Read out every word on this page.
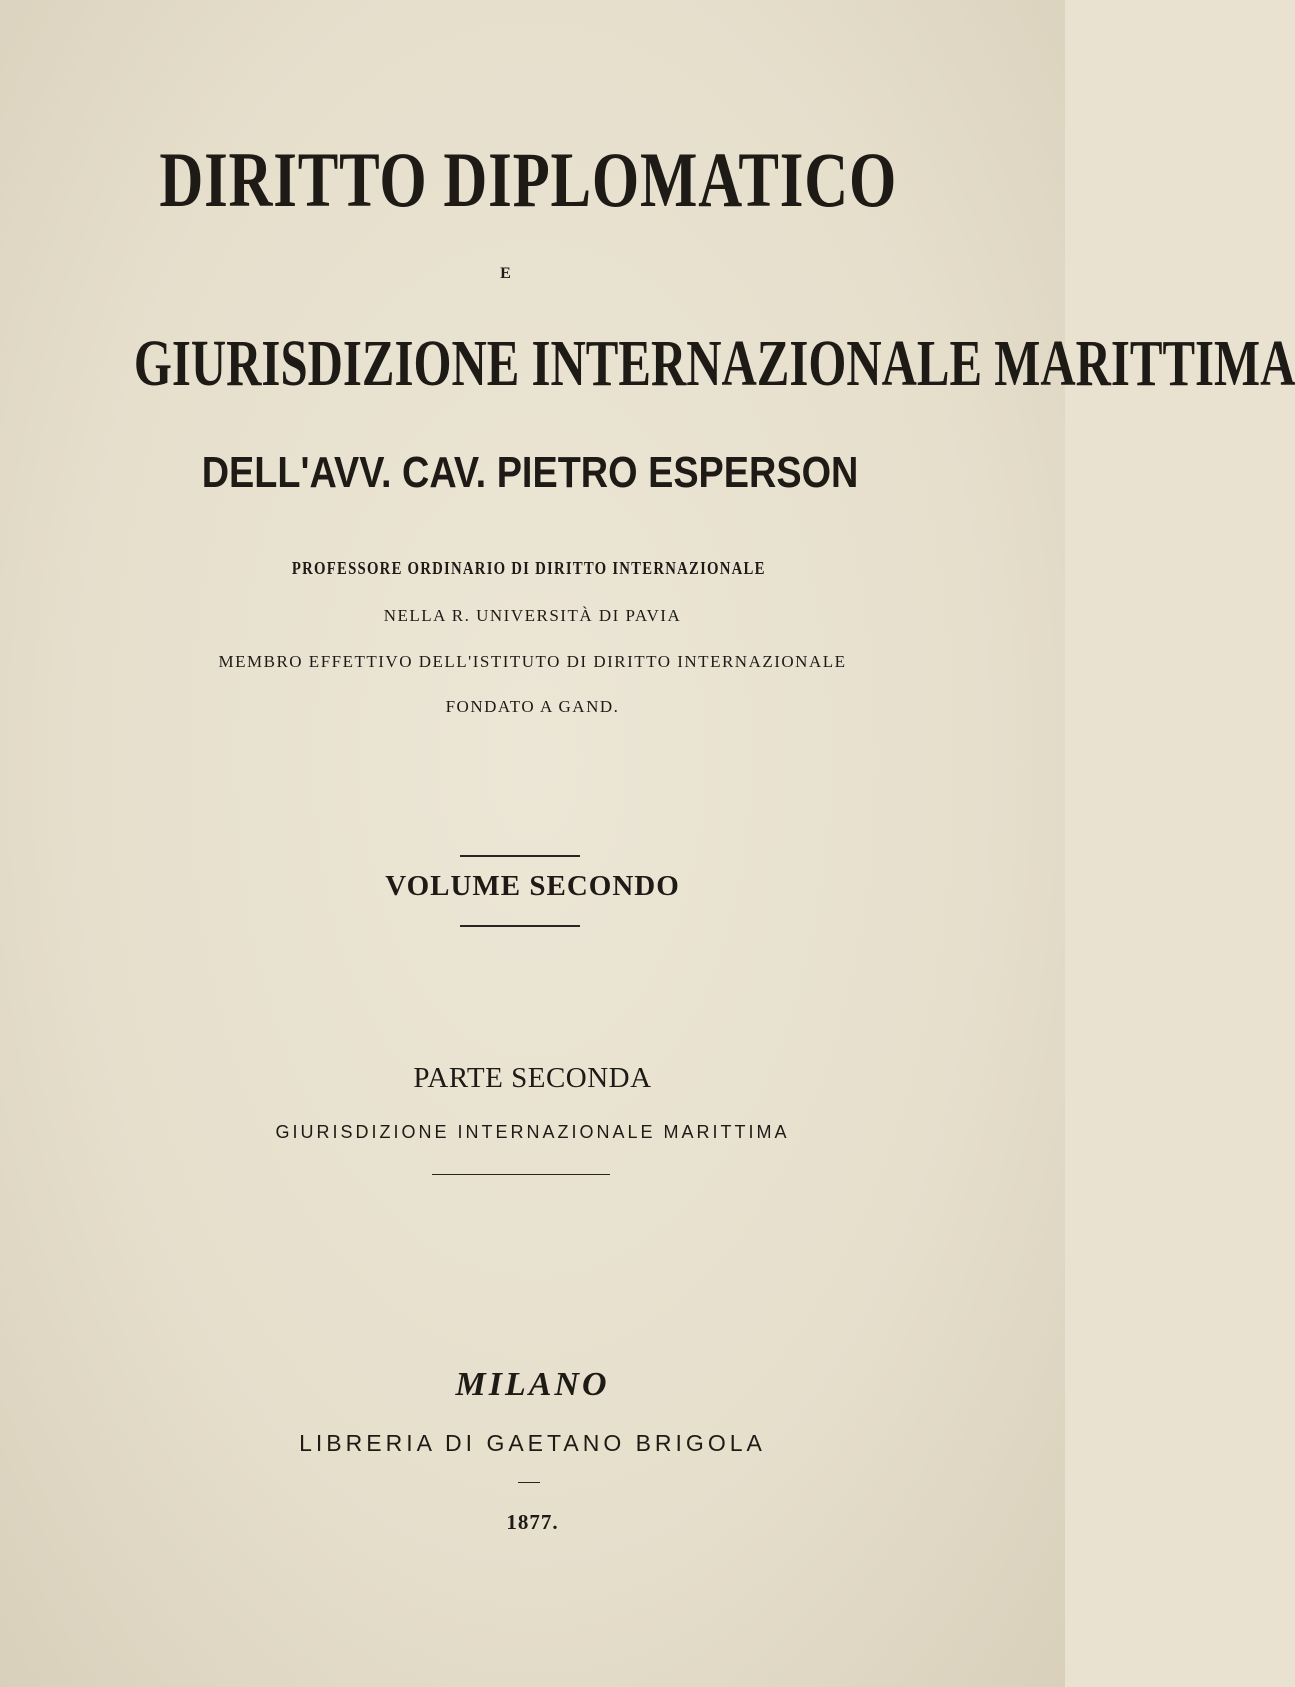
DIRITTO DIPLOMATICO
E
GIURISDIZIONE INTERNAZIONALE MARITTIMA
DELL'AVV. CAV. PIETRO ESPERSON
PROFESSORE ORDINARIO DI DIRITTO INTERNAZIONALE
NELLA R. UNIVERSITÀ DI PAVIA
MEMBRO EFFETTIVO DELL'ISTITUTO DI DIRITTO INTERNAZIONALE
FONDATO A GAND.
VOLUME SECONDO
PARTE SECONDA
GIURISDIZIONE INTERNAZIONALE MARITTIMA
MILANO
LIBRERIA DI GAETANO BRIGOLA
1877.
